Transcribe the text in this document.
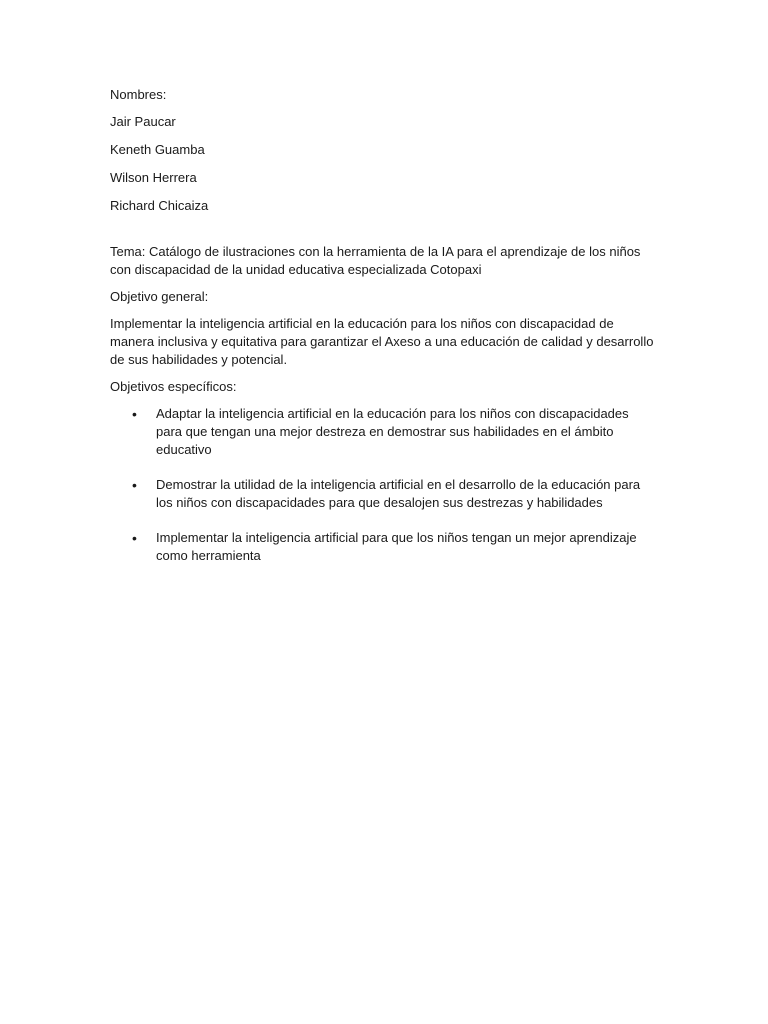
Nombres:

Jair Paucar

Keneth Guamba

Wilson Herrera

Richard Chicaiza

Tema: Catálogo de ilustraciones con la herramienta de la IA para el aprendizaje de los niños con discapacidad de la unidad educativa especializada Cotopaxi

Objetivo general:

Implementar la inteligencia artificial en la educación para los niños con discapacidad de manera inclusiva y equitativa para garantizar el Axeso a una educación de calidad y desarrollo de sus habilidades y potencial.

Objetivos específicos:

• Adaptar la inteligencia artificial en la educación para los niños con discapacidades para que tengan una mejor destreza en demostrar sus habilidades en el ámbito educativo
• Demostrar la utilidad de la inteligencia artificial en el desarrollo de la educación para los niños con discapacidades para que desalojen sus destrezas y habilidades
• Implementar la inteligencia artificial para que los niños tengan un mejor aprendizaje como herramienta
